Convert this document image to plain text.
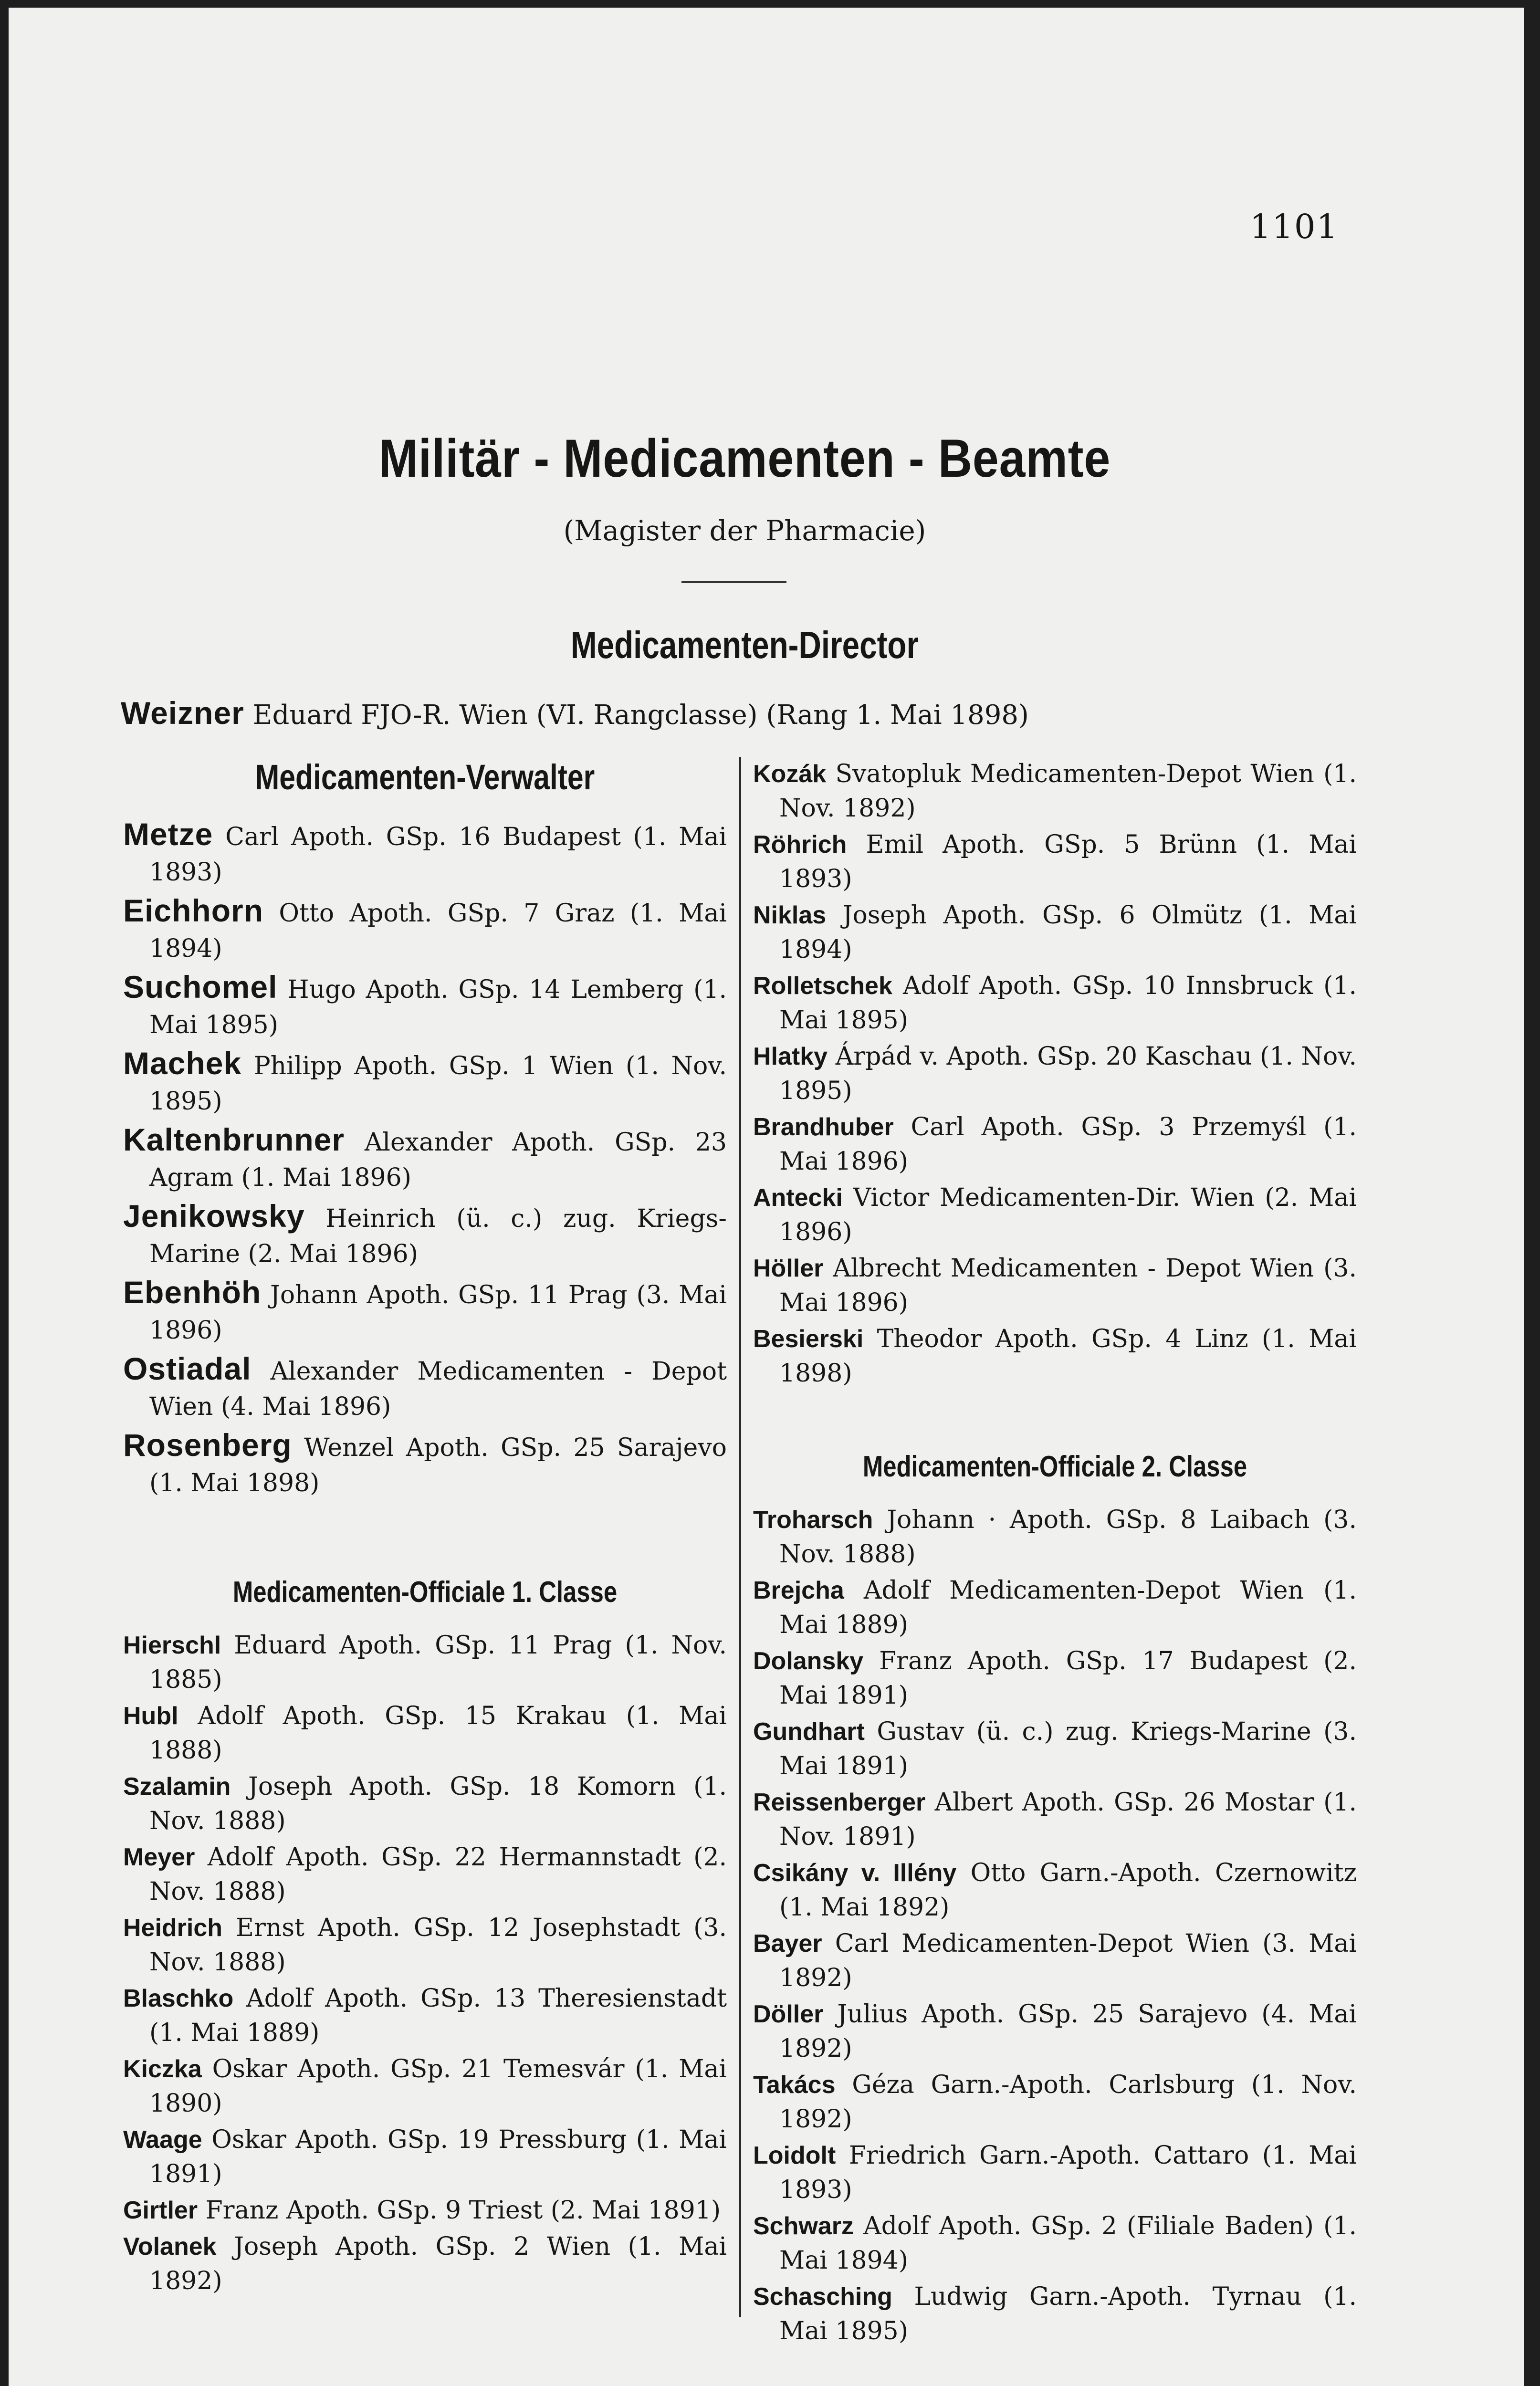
1101
Militär - Medicamenten - Beamte
(Magister der Pharmacie)
Medicamenten-Director
Weizner Eduard FJO-R. Wien (VI. Rangclasse) (Rang 1. Mai 1898)
Medicamenten-Verwalter
Metze Carl Apoth. GSp. 16 Budapest (1. Mai 1893)
Eichhorn Otto Apoth. GSp. 7 Graz (1. Mai 1894)
Suchomel Hugo Apoth. GSp. 14 Lemberg (1. Mai 1895)
Machek Philipp Apoth. GSp. 1 Wien (1. Nov. 1895)
Kaltenbrunner Alexander Apoth. GSp. 23 Agram (1. Mai 1896)
Jenikowsky Heinrich (ü. c.) zug. Kriegs-Marine (2. Mai 1896)
Ebenhöh Johann Apoth. GSp. 11 Prag (3. Mai 1896)
Ostiadal Alexander Medicamenten - Depot Wien (4. Mai 1896)
Rosenberg Wenzel Apoth. GSp. 25 Sarajevo (1. Mai 1898)
Medicamenten-Officiale 1. Classe
Hierschl Eduard Apoth. GSp. 11 Prag (1. Nov. 1885)
Hubl Adolf Apoth. GSp. 15 Krakau (1. Mai 1888)
Szalamin Joseph Apoth. GSp. 18 Komorn (1. Nov. 1888)
Meyer Adolf Apoth. GSp. 22 Hermannstadt (2. Nov. 1888)
Heidrich Ernst Apoth. GSp. 12 Josephstadt (3. Nov. 1888)
Blaschko Adolf Apoth. GSp. 13 Theresienstadt (1. Mai 1889)
Kiczka Oskar Apoth. GSp. 21 Temesvár (1. Mai 1890)
Waage Oskar Apoth. GSp. 19 Pressburg (1. Mai 1891)
Girtler Franz Apoth. GSp. 9 Triest (2. Mai 1891)
Volanek Joseph Apoth. GSp. 2 Wien (1. Mai 1892)
Kozák Svatopluk Medicamenten-Depot Wien (1. Nov. 1892)
Röhrich Emil Apoth. GSp. 5 Brünn (1. Mai 1893)
Niklas Joseph Apoth. GSp. 6 Olmütz (1. Mai 1894)
Rolletschek Adolf Apoth. GSp. 10 Innsbruck (1. Mai 1895)
Hlatky Árpád v. Apoth. GSp. 20 Kaschau (1. Nov. 1895)
Brandhuber Carl Apoth. GSp. 3 Przemyśl (1. Mai 1896)
Antecki Victor Medicamenten-Dir. Wien (2. Mai 1896)
Höller Albrecht Medicamenten - Depot Wien (3. Mai 1896)
Besierski Theodor Apoth. GSp. 4 Linz (1. Mai 1898)
Medicamenten-Officiale 2. Classe
Troharsch Johann · Apoth. GSp. 8 Laibach (3. Nov. 1888)
Brejcha Adolf Medicamenten-Depot Wien (1. Mai 1889)
Dolansky Franz Apoth. GSp. 17 Budapest (2. Mai 1891)
Gundhart Gustav (ü. c.) zug. Kriegs-Marine (3. Mai 1891)
Reissenberger Albert Apoth. GSp. 26 Mostar (1. Nov. 1891)
Csikány v. Illény Otto Garn.-Apoth. Czernowitz (1. Mai 1892)
Bayer Carl Medicamenten-Depot Wien (3. Mai 1892)
Döller Julius Apoth. GSp. 25 Sarajevo (4. Mai 1892)
Takács Géza Garn.-Apoth. Carlsburg (1. Nov. 1892)
Loidolt Friedrich Garn.-Apoth. Cattaro (1. Mai 1893)
Schwarz Adolf Apoth. GSp. 2 (Filiale Baden) (1. Mai 1894)
Schasching Ludwig Garn.-Apoth. Tyrnau (1. Mai 1895)
